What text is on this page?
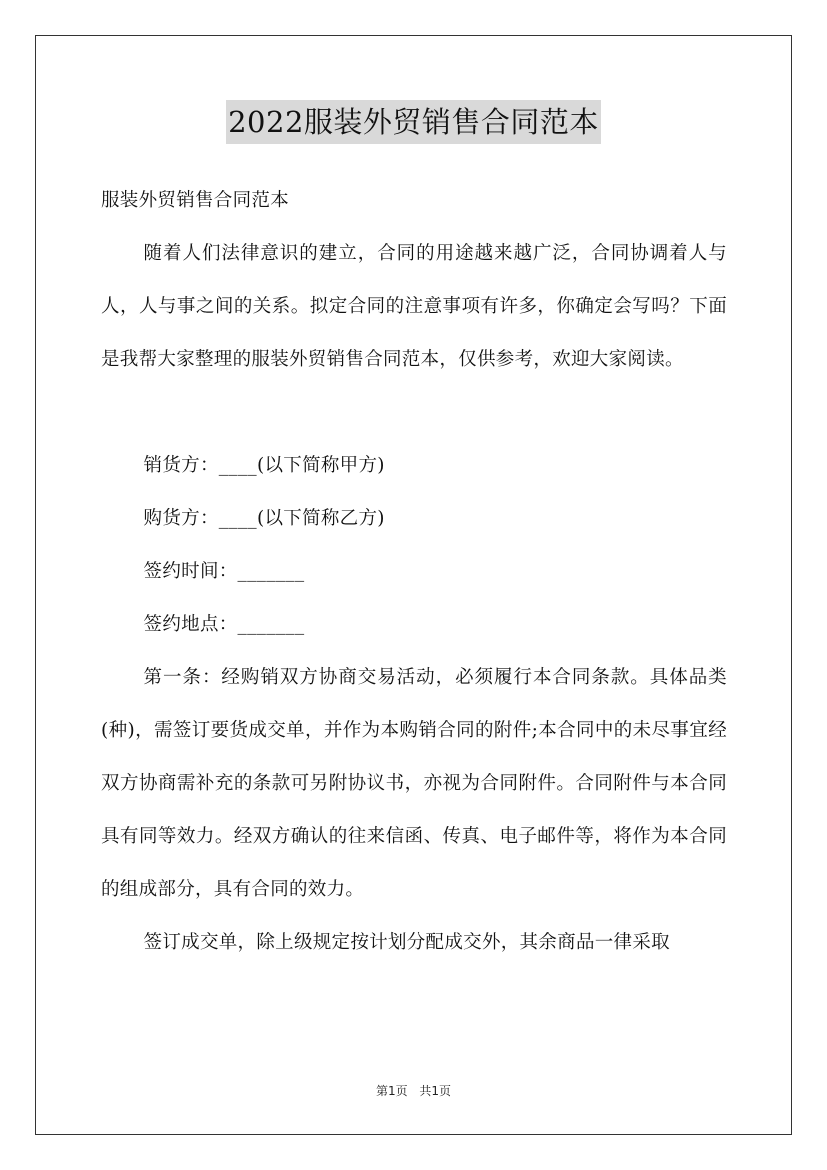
2022服装外贸销售合同范本

服装外贸销售合同范本

随着人们法律意识的建立，合同的用途越来越广泛，合同协调着人与人，人与事之间的关系。拟定合同的注意事项有许多，你确定会写吗？下面是我帮大家整理的服装外贸销售合同范本，仅供参考，欢迎大家阅读。

销货方：____(以下简称甲方)

购货方：____(以下简称乙方)

签约时间：_______

签约地点：_______

第一条：经购销双方协商交易活动，必须履行本合同条款。具体品类(种)，需签订要货成交单，并作为本购销合同的附件;本合同中的未尽事宜经双方协商需补充的条款可另附协议书，亦视为合同附件。合同附件与本合同具有同等效力。经双方确认的往来信函、传真、电子邮件等，将作为本合同的组成部分，具有合同的效力。

签订成交单，除上级规定按计划分配成交外，其余商品一律采取

第1页 共1页
